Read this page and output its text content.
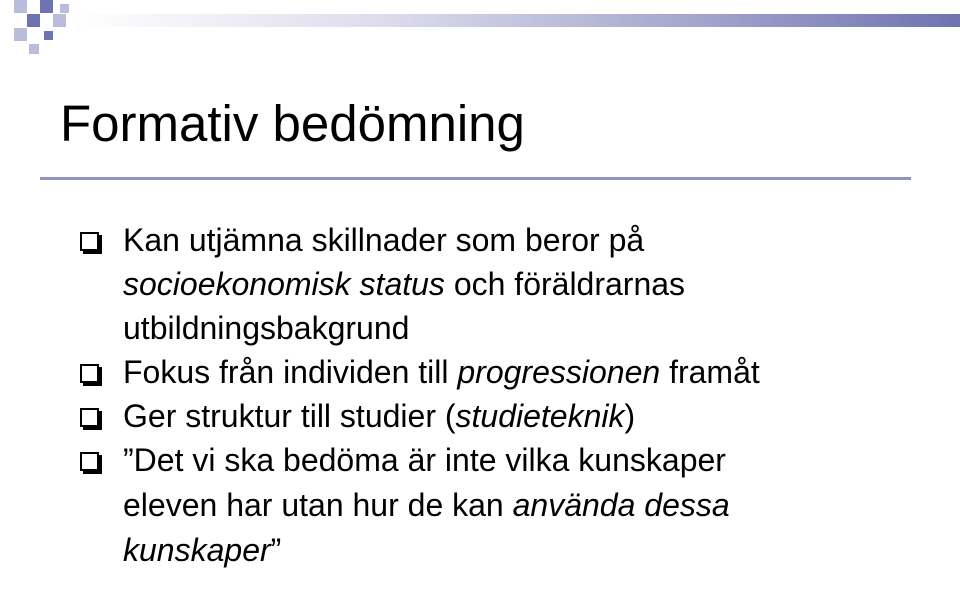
Formativ bedömning

Kan utjämna skillnader som beror på

socioekonomisk status och föräldrarnas

utbildningsbakgrund

Fokus från individen till progressionen framåt

Ger struktur till studier (studieteknik)

”Det vi ska bedöma är inte vilka kunskaper

eleven har utan hur de kan använda dessa

kunskaper”
